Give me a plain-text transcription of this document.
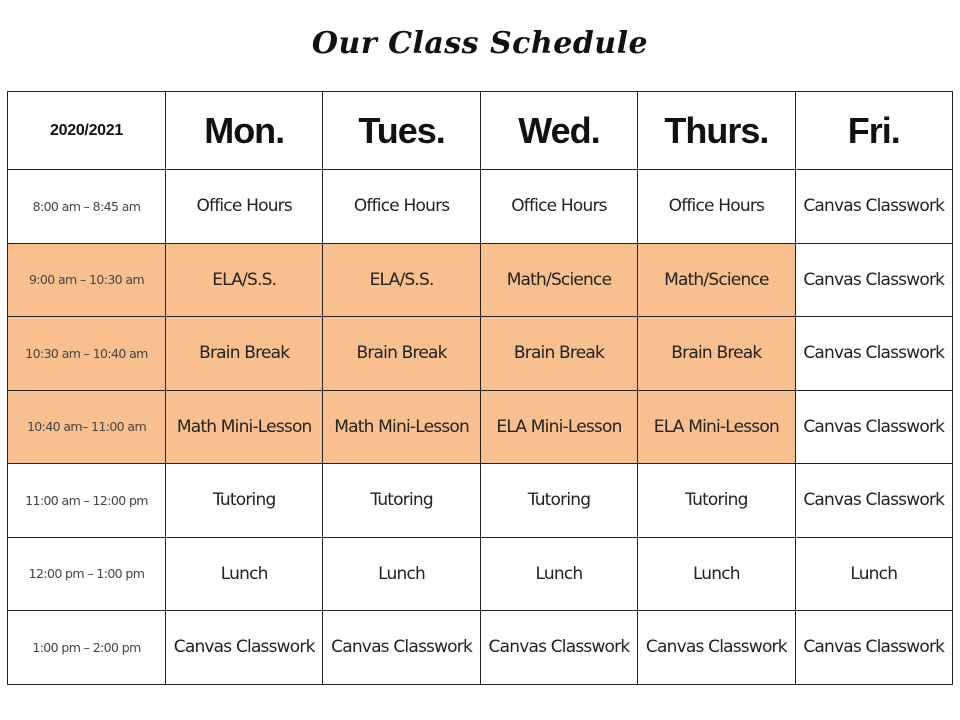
Our Class Schedule
2020/2021	Mon.	Tues.	Wed.	Thurs.	Fri.
8:00 am – 8:45 am	Office Hours	Office Hours	Office Hours	Office Hours	Canvas Classwork
9:00 am – 10:30 am	ELA/S.S.	ELA/S.S.	Math/Science	Math/Science	Canvas Classwork
10:30 am – 10:40 am	Brain Break	Brain Break	Brain Break	Brain Break	Canvas Classwork
10:40 am– 11:00 am	Math Mini-Lesson	Math Mini-Lesson	ELA Mini-Lesson	ELA Mini-Lesson	Canvas Classwork
11:00 am – 12:00 pm	Tutoring	Tutoring	Tutoring	Tutoring	Canvas Classwork
12:00 pm – 1:00 pm	Lunch	Lunch	Lunch	Lunch	Lunch
1:00 pm – 2:00 pm	Canvas Classwork	Canvas Classwork	Canvas Classwork	Canvas Classwork	Canvas Classwork
